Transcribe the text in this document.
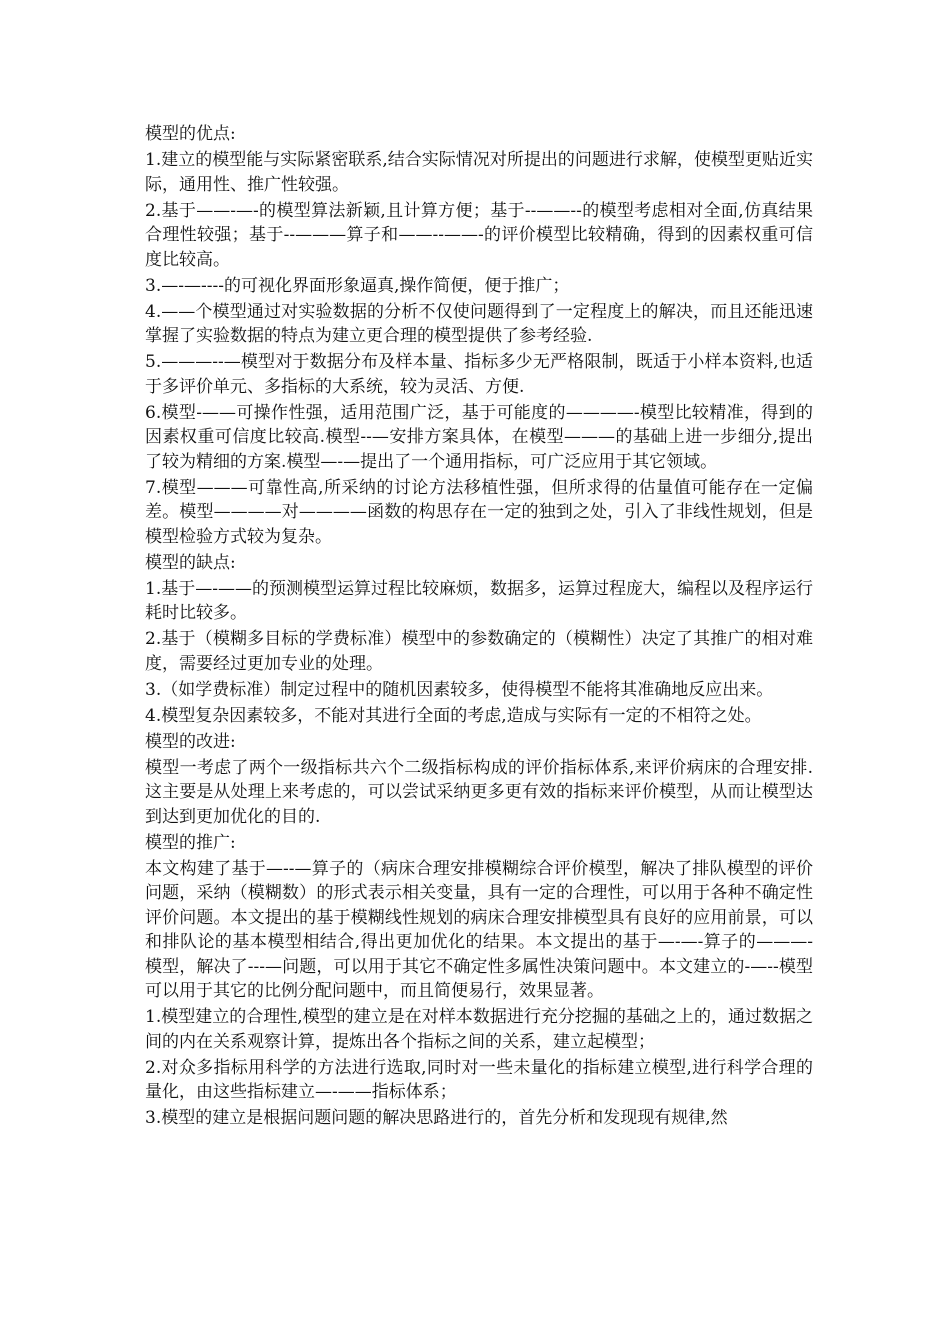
模型的优点:

1.建立的模型能与实际紧密联系,结合实际情况对所提出的问题进行求解，使模型更贴近实际，通用性、推广性较强。

2.基于——-—-的模型算法新颖,且计算方便；基于--——--的模型考虑相对全面,仿真结果合理性较强；基于--———算子和——--——-的评价模型比较精确，得到的因素权重可信度比较高。

3.—-—----的可视化界面形象逼真,操作简便，便于推广；

4.——个模型通过对实验数据的分析不仅使问题得到了一定程度上的解决，而且还能迅速掌握了实验数据的特点为建立更合理的模型提供了参考经验.

5.———--—模型对于数据分布及样本量、指标多少无严格限制，既适于小样本资料,也适于多评价单元、多指标的大系统，较为灵活、方便.

6.模型-——可操作性强，适用范围广泛，基于可能度的————-模型比较精准，得到的因素权重可信度比较高.模型--—安排方案具体，在模型———的基础上进一步细分,提出了较为精细的方案.模型—-—提出了一个通用指标，可广泛应用于其它领域。

7.模型———可靠性高,所采纳的讨论方法移植性强，但所求得的估量值可能存在一定偏差。模型————对————函数的构思存在一定的独到之处，引入了非线性规划，但是模型检验方式较为复杂。

模型的缺点:

1.基于—-——的预测模型运算过程比较麻烦，数据多，运算过程庞大，编程以及程序运行耗时比较多。

2.基于（模糊多目标的学费标准）模型中的参数确定的（模糊性）决定了其推广的相对难度，需要经过更加专业的处理。

3.（如学费标准）制定过程中的随机因素较多，使得模型不能将其准确地反应出来。

4.模型复杂因素较多，不能对其进行全面的考虑,造成与实际有一定的不相符之处。

模型的改进:

模型一考虑了两个一级指标共六个二级指标构成的评价指标体系,来评价病床的合理安排.这主要是从处理上来考虑的，可以尝试采纳更多更有效的指标来评价模型，从而让模型达到达到更加优化的目的.

模型的推广:

本文构建了基于—--—算子的（病床合理安排模糊综合评价模型，解决了排队模型的评价问题，采纳（模糊数）的形式表示相关变量，具有一定的合理性，可以用于各种不确定性评价问题。本文提出的基于模糊线性规划的病床合理安排模型具有良好的应用前景，可以和排队论的基本模型相结合,得出更加优化的结果。本文提出的基于—-—-算子的———-模型，解决了---—问题，可以用于其它不确定性多属性决策问题中。本文建立的-—--模型可以用于其它的比例分配问题中，而且简便易行，效果显著。

1.模型建立的合理性,模型的建立是在对样本数据进行充分挖掘的基础之上的，通过数据之间的内在关系观察计算，提炼出各个指标之间的关系，建立起模型；

2.对众多指标用科学的方法进行选取,同时对一些未量化的指标建立模型,进行科学合理的量化，由这些指标建立—-——指标体系；

3.模型的建立是根据问题问题的解决思路进行的，首先分析和发现现有规律,然
